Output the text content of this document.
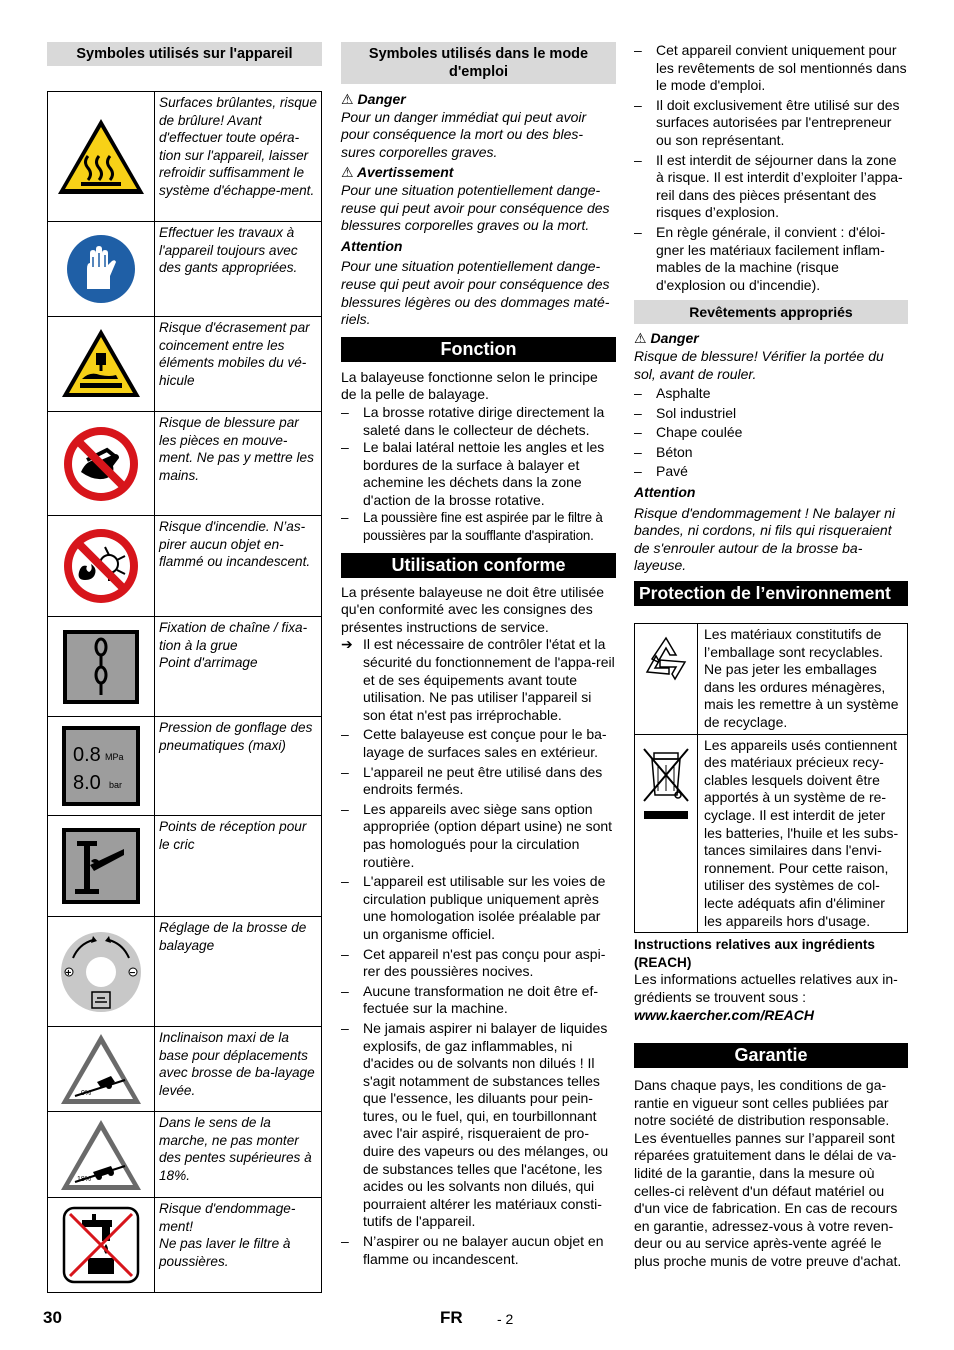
Symboles utilisés sur l'appareil
Surfaces brûlantes, risque de brûlure! Avant d'effectuer toute opéra-tion sur l'appareil, laisser refroidir suffisamment le système d'échappe-ment.
Effectuer les travaux à l'appareil toujours avec des gants appropriées.
Risque d'écrasement par coincement entre les éléments mobiles du vé-hicule
Risque de blessure par les pièces en mouve-ment. Ne pas y mettre les mains.
Risque d'incendie. N’as-pirer aucun objet en-flammé ou incandescent.
Fixation de chaîne / fixa-tion à la grue
Point d'arrimage
0.8 MPa
8.0 bar
Pression de gonflage des pneumatiques (maxi)
Points de réception pour le cric
+	−
Réglage de la brosse de balayage
0%
Inclinaison maxi de la base pour déplacements avec brosse de ba-layage levée.
18%
Dans le sens de la marche, ne pas monter des pentes supérieures à 18%.
Risque d'endommage-ment!
Ne pas laver le filtre à poussières.
Symboles utilisés dans le mode d'emploi

⚠ Danger

Pour un danger immédiat qui peut avoir pour conséquence la mort ou des bles-sures corporelles graves.

⚠ Avertissement

Pour une situation potentiellement dange-reuse qui peut avoir pour conséquence des blessures corporelles graves ou la mort.

Attention

Pour une situation potentiellement dange-reuse qui peut avoir pour conséquence des blessures légères ou des dommages maté-riels.

Fonction

La balayeuse fonctionne selon le principe de la pelle de balayage.

–	La brosse rotative dirige directement la saleté dans le collecteur de déchets.
–	Le balai latéral nettoie les angles et les bordures de la surface à balayer et achemine les déchets dans la zone d'action de la brosse rotative.
–	La poussière fine est aspirée par le filtre à poussières par la soufflante d'aspiration.
Utilisation conforme

La présente balayeuse ne doit être utilisée qu'en conformité avec les consignes des présentes instructions de service.

➔ Il est nécessaire de contrôler l'état et la sécurité du fonctionnement de l'appa-reil et de ses équipements avant toute utilisation. Ne pas utiliser l'appareil si son état n'est pas irréprochable.
–	Cette balayeuse est conçue pour le ba-layage de surfaces sales en extérieur.
–	L'appareil ne peut être utilisé dans des endroits fermés.
–	Les appareils avec siège sans option appropriée (option départ usine) ne sont pas homologués pour la circulation routière.
–	L'appareil est utilisable sur les voies de circulation publique uniquement après une homologation isolée préalable par un organisme officiel.
–	Cet appareil n'est pas conçu pour aspi-rer des poussières nocives.
–	Aucune transformation ne doit être ef-fectuée sur la machine.
–	Ne jamais aspirer ni balayer de liquides explosifs, de gaz inflammables, ni d'acides ou de solvants non dilués ! Il s'agit notamment de substances telles que l'essence, les diluants pour pein-tures, ou le fuel, qui, en tourbillonnant avec l'air aspiré, risqueraient de pro-duire des vapeurs ou des mélanges, ou de substances telles que l'acétone, les acides ou les solvants non dilués, qui pourraient altérer les matériaux consti-tutifs de l'appareil.
–	N’aspirer ou ne balayer aucun objet en flamme ou incandescent.
–	Cet appareil convient uniquement pour les revêtements de sol mentionnés dans le mode d'emploi.
–	Il doit exclusivement être utilisé sur des surfaces autorisées par l'entrepreneur ou son représentant.
–	Il est interdit de séjourner dans la zone à risque. Il est interdit d’exploiter l’appa-reil dans des pièces présentant des risques d’explosion.
–	En règle générale, il convient : d'éloi-gner les matériaux facilement inflam-mables de la machine (risque d'explosion ou d'incendie).
Revêtements appropriés

⚠ Danger

Risque de blessure! Vérifier la portée du sol, avant de rouler.

–	Asphalte
–	Sol industriel
–	Chape coulée
–	Béton
–	Pavé

Attention

Risque d'endommagement ! Ne balayer ni bandes, ni cordons, ni fils qui risqueraient de s'enrouler autour de la brosse ba-layeuse.

Protection de l’environnement
Les matériaux constitutifs de l’emballage sont recyclables. Ne pas jeter les emballages dans les ordures ménagères, mais les remettre à un système de recyclage.
Les appareils usés contiennent des matériaux précieux recy-clables lesquels doivent être apportés à un système de re-cyclage. Il est interdit de jeter les batteries, l'huile et les subs-tances similaires dans l'envi-ronnement. Pour cette raison, utiliser des systèmes de col-lecte adéquats afin d'éliminer les appareils hors d'usage.

Instructions relatives aux ingrédients (REACH)

Les informations actuelles relatives aux in-grédients se trouvent sous :

www.kaercher.com/REACH

Garantie

Dans chaque pays, les conditions de ga-rantie en vigueur sont celles publiées par notre société de distribution responsable. Les éventuelles pannes sur l’appareil sont réparées gratuitement dans le délai de va-lidité de la garantie, dans la mesure où celles-ci relèvent d'un défaut matériel ou d'un vice de fabrication. En cas de recours en garantie, adressez-vous à votre reven-deur ou au service après-vente agréé le plus proche munis de votre preuve d'achat.

30	FR - 2
